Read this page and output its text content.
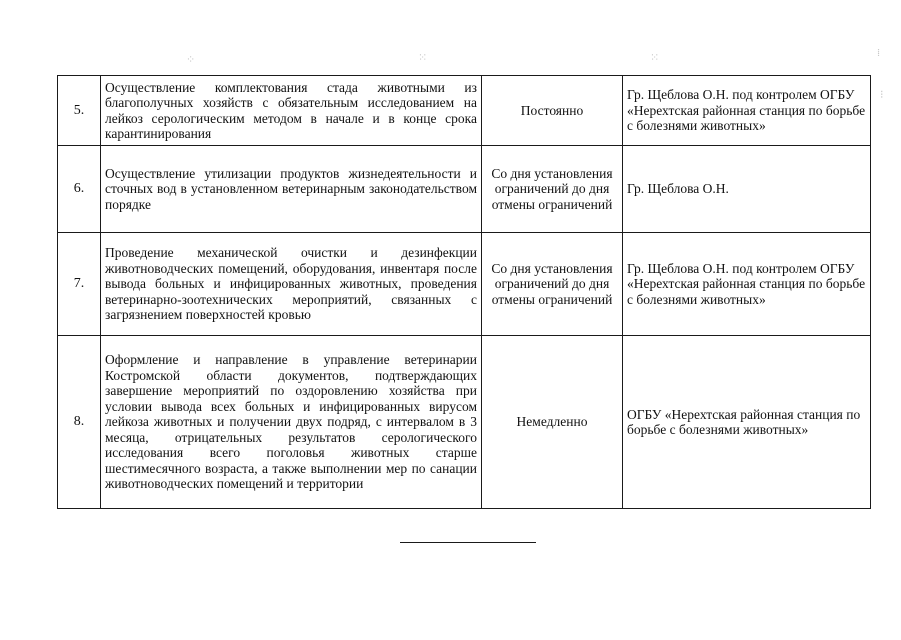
⁘	⁙	⁙	⁞
⁝
5.	Осуществление комплектования стада животными из благополучных хозяйств с обязательным исследованием на лейкоз серологическим методом в начале и в конце срока карантинирования	Постоянно	Гр. Щеблова О.Н. под контролем ОГБУ «Нерехтская районная станция по борьбе с болезнями животных»
6.	Осуществление утилизации продуктов жизнедеятельности и сточных вод в установленном ветеринарным законодательством порядке	Со дня установления ограничений до дня отмены ограничений	Гр. Щеблова О.Н.
7.	Проведение механической очистки и дезинфекции животноводческих помещений, оборудования, инвентаря после вывода больных и инфицированных животных, проведения ветеринарно-зоотехнических мероприятий, связанных с загрязнением поверхностей кровью	Со дня установления ограничений до дня отмены ограничений	Гр. Щеблова О.Н. под контролем ОГБУ «Нерехтская районная станция по борьбе с болезнями животных»
8.	Оформление и направление в управление ветеринарии Костромской области документов, подтверждающих завершение мероприятий по оздоровлению хозяйства при условии вывода всех больных и инфицированных вирусом лейкоза животных и получении двух подряд, с интервалом в 3 месяца, отрицательных результатов серологического исследования всего поголовья животных старше шестимесячного возраста, а также выполнении мер по санации животноводческих помещений и территории	Немедленно	ОГБУ «Нерехтская районная станция по борьбе с болезнями животных»
